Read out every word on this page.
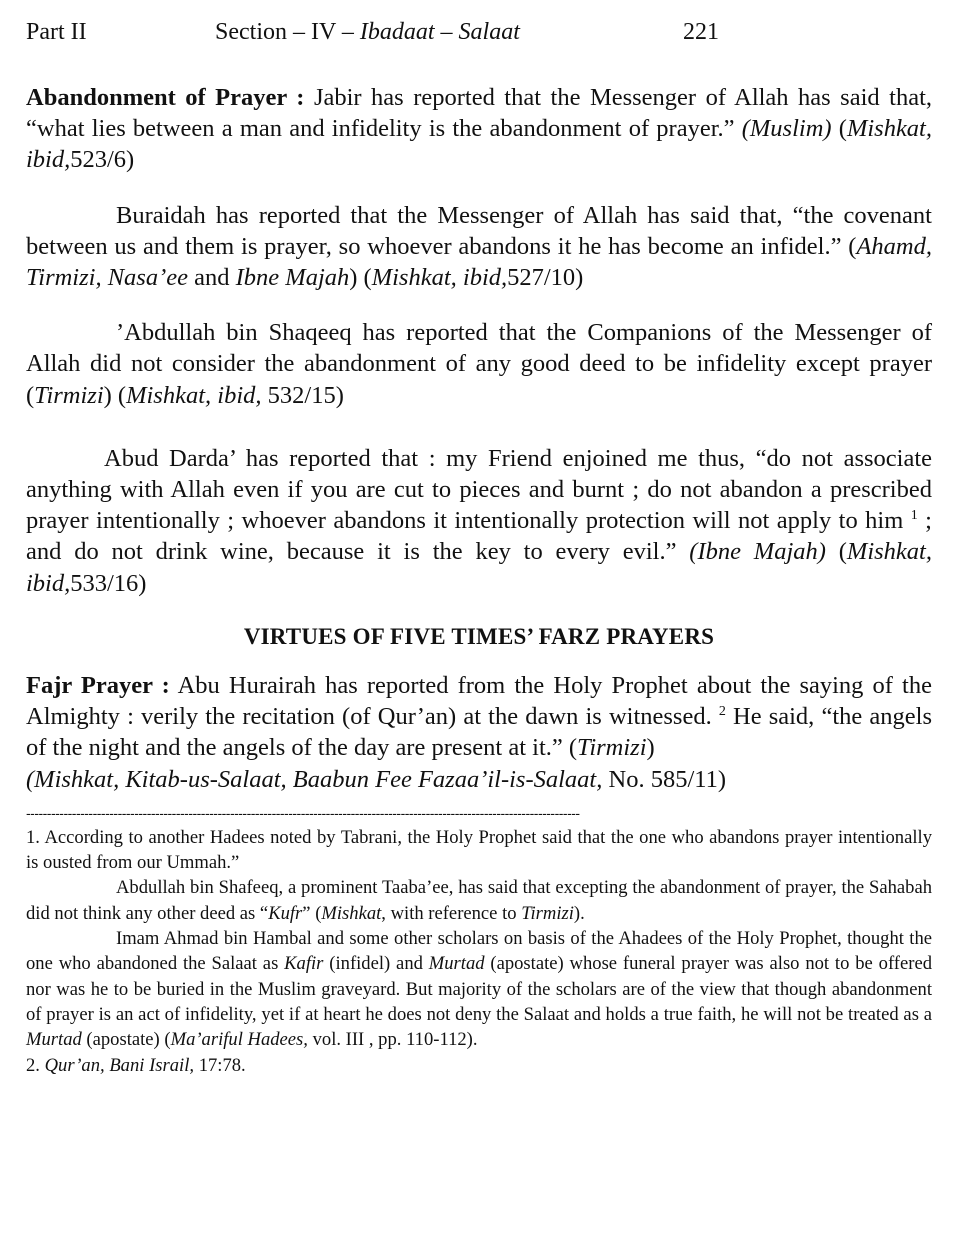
Part II	Section – IV – Ibadaat – Salaat	221

Abandonment of Prayer : Jabir has reported that the Messenger of Allah has said that, “what lies between a man and infidelity is the abandonment of prayer.” (Muslim) (Mishkat, ibid,523/6)

Buraidah has reported that the Messenger of Allah has said that, “the covenant between us and them is prayer, so whoever abandons it he has become an infidel.” (Ahamd, Tirmizi, Nasa’ee and Ibne Majah) (Mishkat, ibid,527/10)

’Abdullah bin Shaqeeq has reported that the Companions of the Messenger of Allah did not consider the abandonment of any good deed to be infidelity except prayer (Tirmizi) (Mishkat, ibid, 532/15)

Abud Darda’ has reported that : my Friend enjoined me thus, “do not associate anything with Allah even if you are cut to pieces and burnt ; do not abandon a prescribed prayer intentionally ; whoever abandons it intentionally protection will not apply to him $^1$ ; and do not drink wine, because it is the key to every evil.” (Ibne Majah) (Mishkat, ibid,533/16)

VIRTUES OF FIVE TIMES’ FARZ PRAYERS

Fajr Prayer : Abu Hurairah has reported from the Holy Prophet about the saying of the Almighty : verily the recitation (of Qur’an) at the dawn is witnessed. $^2$ He said, “the angels of the night and the angels of the day are present at it.” (Tirmizi)
(Mishkat, Kitab-us-Salaat, Baabun Fee Fazaa’il-is-Salaat, No. 585/11)

-------------------------------------------------------------------------------------------------------------------------------------

1. According to another Hadees noted by Tabrani, the Holy Prophet said that the one who abandons prayer intentionally is ousted from our Ummah.”

Abdullah bin Shafeeq, a prominent Taaba’ee, has said that excepting the abandonment of prayer, the Sahabah did not think any other deed as “Kufr” (Mishkat, with reference to Tirmizi).

Imam Ahmad bin Hambal and some other scholars on basis of the Ahadees of the Holy Prophet, thought the one who abandoned the Salaat as Kafir (infidel) and Murtad (apostate) whose funeral prayer was also not to be offered nor was he to be buried in the Muslim graveyard. But majority of the scholars are of the view that though abandonment of prayer is an act of infidelity, yet if at heart he does not deny the Salaat and holds a true faith, he will not be treated as a Murtad (apostate) (Ma’ariful Hadees, vol. III , pp. 110-112).

2. Qur’an, Bani Israil, 17:78.
